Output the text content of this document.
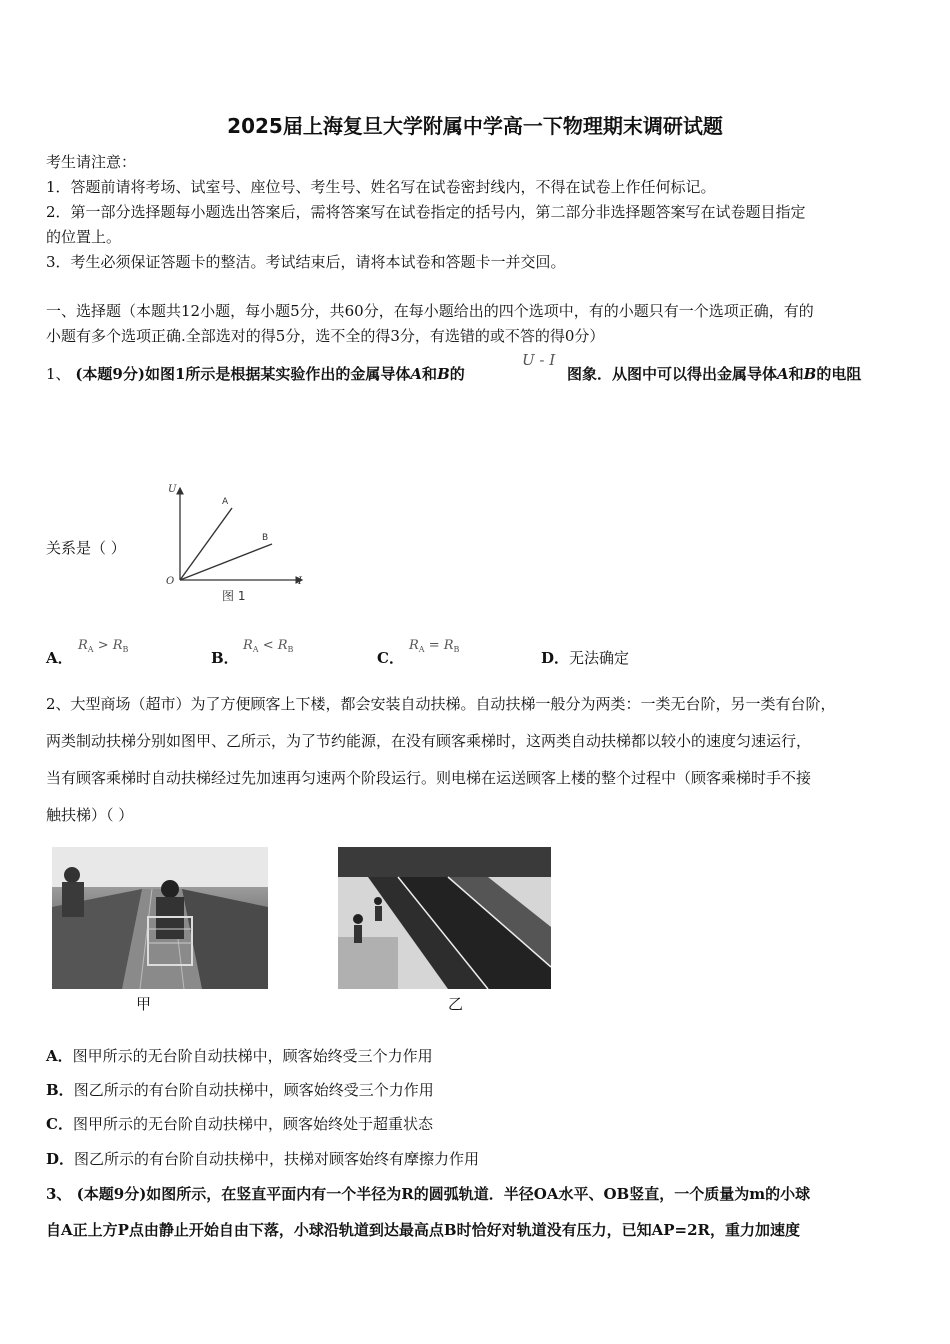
2025届上海复旦大学附属中学高一下物理期末调研试题
考生请注意：
1．答题前请将考场、试室号、座位号、考生号、姓名写在试卷密封线内，不得在试卷上作任何标记。
2．第一部分选择题每小题选出答案后，需将答案写在试卷指定的括号内，第二部分非选择题答案写在试卷题目指定
的位置上。
3．考生必须保证答题卡的整洁。考试结束后，请将本试卷和答题卡一并交回。
一、选择题（本题共12小题，每小题5分，共60分，在每小题给出的四个选项中，有的小题只有一个选项正确，有的
小题有多个选项正确.全部选对的得5分，选不全的得3分，有选错的或不答的得0分）
1、 (本题9分)如图1所示是根据某实验作出的金属导体A和B的
U - I
图象．从图中可以得出金属导体A和B的电阻
关系是（ ）
U
I
O
A
B
图 1
A．
$R_A > R_B$	B．
$R_A < R_B$	C．
$R_A = R_B$	D．无法确定
2、大型商场（超市）为了方便顾客上下楼，都会安装自动扶梯。自动扶梯一般分为两类：一类无台阶，另一类有台阶，
两类制动扶梯分别如图甲、乙所示，为了节约能源，在没有顾客乘梯时，这两类自动扶梯都以较小的速度匀速运行，
当有顾客乘梯时自动扶梯经过先加速再匀速两个阶段运行。则电梯在运送顾客上楼的整个过程中（顾客乘梯时手不接
触扶梯）（ ）
甲	乙
A．图甲所示的无台阶自动扶梯中，顾客始终受三个力作用
B．图乙所示的有台阶自动扶梯中，顾客始终受三个力作用
C．图甲所示的无台阶自动扶梯中，顾客始终处于超重状态
D．图乙所示的有台阶自动扶梯中，扶梯对顾客始终有摩擦力作用
3、 (本题9分)如图所示，在竖直平面内有一个半径为R的圆弧轨道．半径OA水平、OB竖直，一个质量为m的小球
自A正上方P点由静止开始自由下落，小球沿轨道到达最高点B时恰好对轨道没有压力，已知AP=2R，重力加速度
